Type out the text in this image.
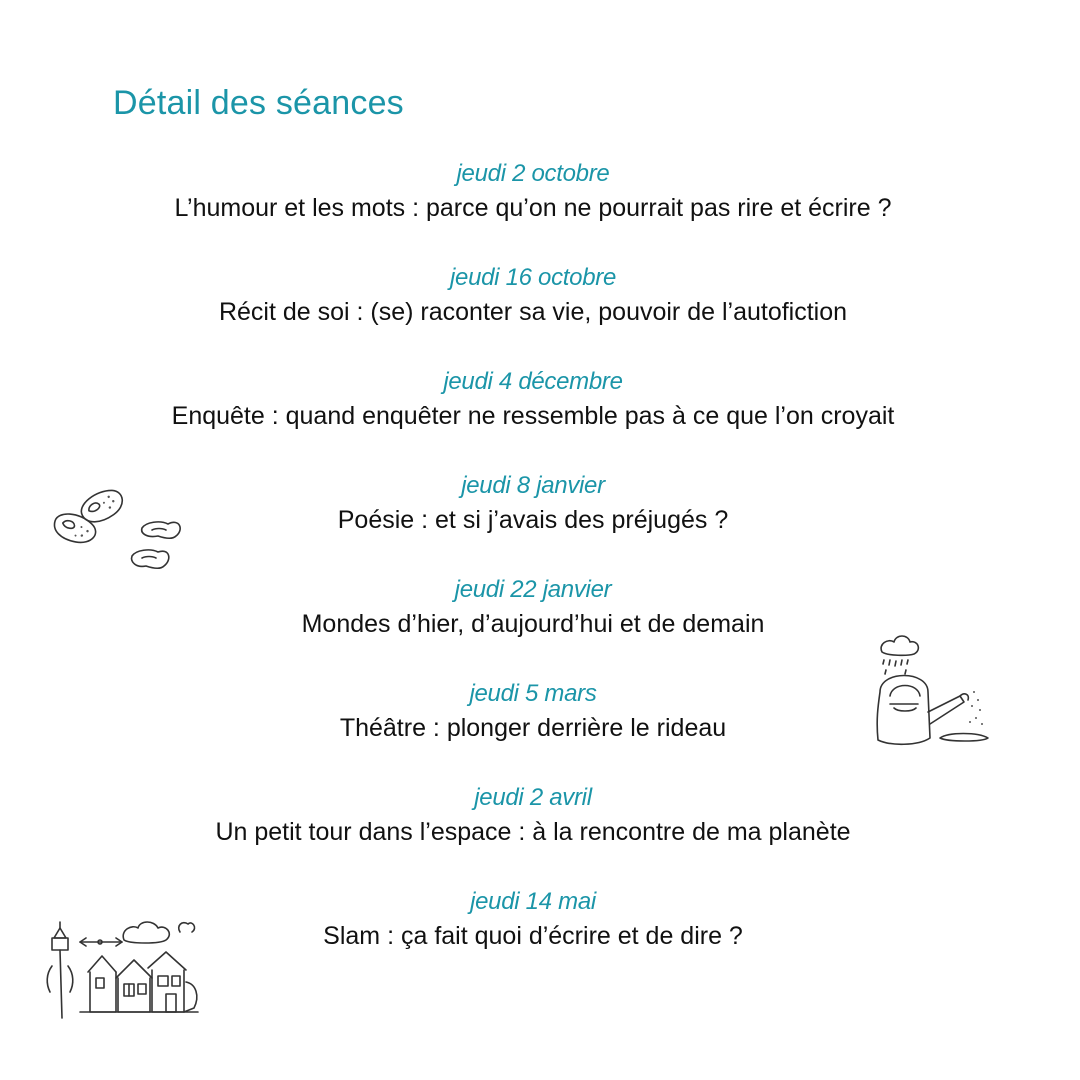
Détail des séances
jeudi 2 octobre
L’humour et les mots : parce qu’on ne pourrait pas rire et écrire ?
jeudi 16 octobre
Récit de soi : (se) raconter sa vie, pouvoir de l’autofiction
jeudi 4 décembre
Enquête : quand enquêter ne ressemble pas à ce que l’on croyait
jeudi 8 janvier
Poésie : et si j’avais des préjugés ?
jeudi 22 janvier
Mondes d’hier, d’aujourd’hui et de demain
jeudi 5 mars
Théâtre : plonger derrière le rideau
jeudi 2 avril
Un petit tour dans l’espace : à la rencontre de ma planète
jeudi 14 mai
Slam : ça fait quoi d’écrire et de dire ?
